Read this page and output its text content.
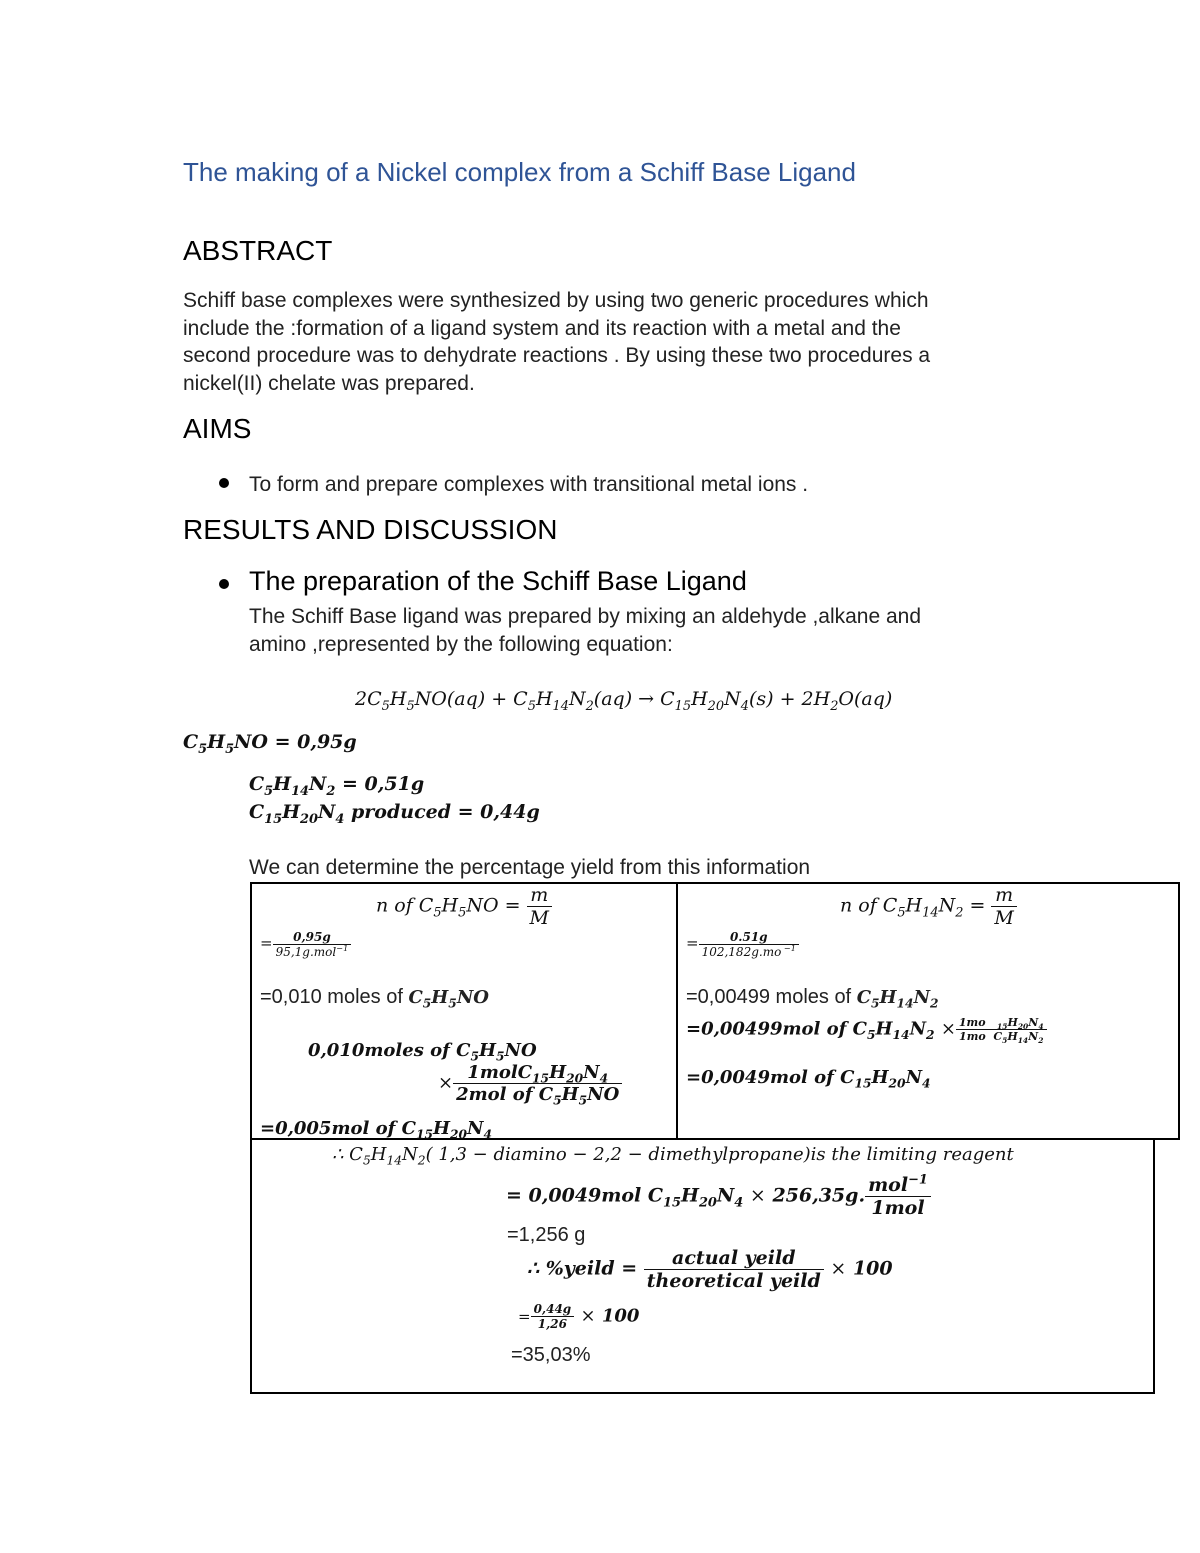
The making of a Nickel complex from a Schiff Base Ligand
ABSTRACT
Schiff base complexes were synthesized by using two generic procedures which
include the :formation of a ligand system and its reaction with a metal and the
second procedure was to dehydrate reactions . By using these two procedures a
nickel(II) chelate was prepared.
AIMS
To form and prepare complexes with transitional metal ions .
RESULTS AND DISCUSSION
The preparation of the Schiff Base Ligand
The Schiff Base ligand was prepared by mixing an aldehyde ,alkane and
amino ,represented by the following equation:
$2C_5H_5NO(aq) + C_5H_{14}N_2(aq) \to C_{15}H_{20}N_4(s) + 2H_2O(aq)$
$C_5H_5NO = 0,95g$
$C_5H_{14}N_2 = 0,51g$
$C_{15}H_{20}N_4$ produced = 0,44g
We can determine the percentage yield from this information
n of $C_5H_5NO = \frac{m}{M}$
= $\frac{0,95g}{95,1g.mol^{-1}}$
=0,010 moles of $C_5H_5NO$
0,010moles of $C_5H_5NO$
× $\frac{1molC_{15}H_{20}N_4}{2mol of C_5H_5NO}$
=0,005mol of $C_{15}H_{20}N_4$
n of $C_5H_{14}N_2 = \frac{m}{M}$
= $\frac{0.51g}{102,182g.mo ^{-1}}$
=0,00499 moles of $C_5H_{14}N_2$
=0,00499mol of $C_5H_{14}N_2 \times \frac{1mo _{15}H_{20}N_4}{1mo C_5H_{14}N_2}$
=0,0049mol of $C_{15}H_{20}N_4$
∴ $C_5H_{14}N_2$( 1,3 − diamino − 2,2 − dimethylpropane)is the limiting reagent
= 0,0049mol $C_{15}H_{20}N_4 \times 256,35g$. $\frac{mol^{-1}}{\text{1mol}}$
=1,256 g
∴ %yeild = $\frac{\text{actual yeild}}{\text{theoretical yeild}} \times 100$
= $\frac{0,44g}{1,26} \times 100$
=35,03%
